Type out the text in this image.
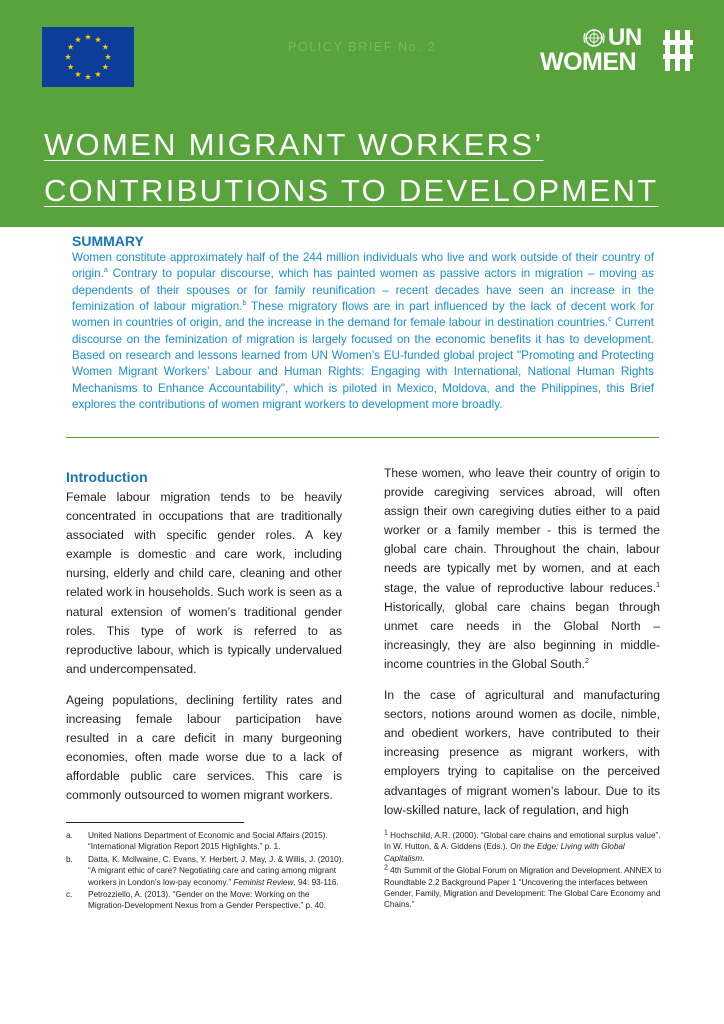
POLICY BRIEF No. 2	UN
WOMEN
WOMEN MIGRANT WORKERS’
CONTRIBUTIONS TO DEVELOPMENT
SUMMARY
Women constitute approximately half of the 244 million individuals who live and work outside of their country of origin.$^a$ Contrary to popular discourse, which has painted women as passive actors in migration – moving as dependents of their spouses or for family reunification – recent decades have seen an increase in the feminization of labour migration.$^b$ These migratory flows are in part influenced by the lack of decent work for women in countries of origin, and the increase in the demand for female labour in destination countries.$^c$ Current discourse on the feminization of migration is largely focused on the economic benefits it has to development. Based on research and lessons learned from UN Women’s EU-funded global project "Promoting and Protecting Women Migrant Workers’ Labour and Human Rights: Engaging with International, National Human Rights Mechanisms to Enhance Accountability", which is piloted in Mexico, Moldova, and the Philippines, this Brief explores the contributions of women migrant workers to development more broadly.
Introduction

Female labour migration tends to be heavily concentrated in occupations that are traditionally associated with specific gender roles. A key example is domestic and care work, including nursing, elderly and child care, cleaning and other related work in households. Such work is seen as a natural extension of women’s traditional gender roles. This type of work is referred to as reproductive labour, which is typically undervalued and undercompensated.

Ageing populations, declining fertility rates and increasing female labour participation have resulted in a care deficit in many burgeoning economies, often made worse due to a lack of affordable public care services. This care is commonly outsourced to women migrant workers.

These women, who leave their country of origin to provide caregiving services abroad, will often assign their own caregiving duties either to a paid worker or a family member - this is termed the global care chain. Throughout the chain, labour needs are typically met by women, and at each stage, the value of reproductive labour reduces.$^1$ Historically, global care chains began through unmet care needs in the Global North – increasingly, they are also beginning in middle-income countries in the Global South.$^2$

In the case of agricultural and manufacturing sectors, notions around women as docile, nimble, and obedient workers, have contributed to their increasing presence as migrant workers, with employers trying to capitalise on the perceived advantages of migrant women’s labour. Due to its low-skilled nature, lack of regulation, and high

a.	United Nations Department of Economic and Social Affairs (2015). “International Migration Report 2015 Highlights.” p. 1.
b.	Datta, K. Mcllwaine, C. Evans, Y. Herbert, J. May, J. & Willis, J. (2010). “A migrant ethic of care? Negotiating care and caring among migrant workers in London’s low-pay economy.” Feminist Review, 94: 93-116.
c.	Petrozziello, A. (2013). “Gender on the Move: Working on the Migration-Development Nexus from a Gender Perspective.” p. 40.
$^1$ Hochschild, A.R. (2000). “Global care chains and emotional surplus value”. In W. Hutton, & A. Giddens (Eds.). On the Edge: Living with Global Capitalism.
$^2$ 4th Summit of the Global Forum on Migration and Development. ANNEX to Roundtable 2.2 Background Paper 1 “Uncovering the interfaces between Gender, Family, Migration and Development: The Global Care Economy and Chains.”
